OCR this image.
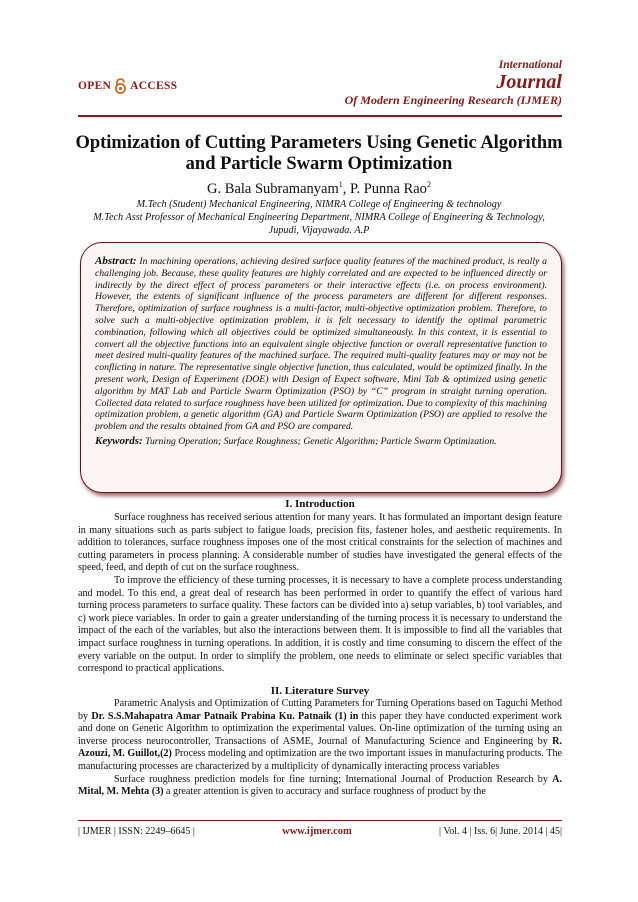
OPEN ACCESS
International
Journal
Of Modern Engineering Research (IJMER)
Optimization of Cutting Parameters Using Genetic Algorithm
and Particle Swarm Optimization
G. Bala Subramanyam$^1$, P. Punna Rao$^2$
M.Tech (Student) Mechanical Engineering, NIMRA College of Engineering & technology
M.Tech Asst Professor of Mechanical Engineering Department, NIMRA College of Engineering & Technology,
Jupudi, Vijayawada. A.P
Abstract: In machining operations, achieving desired surface quality features of the machined product, is really a challenging job. Because, these quality features are highly correlated and are expected to be influenced directly or indirectly by the direct effect of process parameters or their interactive effects (i.e. on process environment). However, the extents of significant influence of the process parameters are different for different responses. Therefore, optimization of surface roughness is a multi-factor, multi-objective optimization problem. Therefore, to solve such a multi-objective optimization problem, it is felt necessary to identify the optimal parametric combination, following which all objectives could be optimized simultaneously. In this context, it is essential to convert all the objective functions into an equivalent single objective function or overall representative function to meet desired multi-quality features of the machined surface. The required multi-quality features may or may not be conflicting in nature. The representative single objective function, thus calculated, would be optimized finally. In the present work, Design of Experiment (DOE) with Design of Expect software, Mini Tab & optimized using genetic algorithm by MAT Lab and Particle Swarm Optimization (PSO) by “C” program in straight turning operation. Collected data related to surface roughness have been utilized for optimization. Due to complexity of this machining optimization problem, a genetic algorithm (GA) and Particle Swarm Optimization (PSO) are applied to resolve the problem and the results obtained from GA and PSO are compared.
Keywords: Turning Operation; Surface Roughness; Genetic Algorithm; Particle Swarm Optimization.
I. Introduction

Surface roughness has received serious attention for many years. It has formulated an important design feature in many situations such as parts subject to fatigue loads, precision fits, fastener holes, and aesthetic requirements. In addition to tolerances, surface roughness imposes one of the most critical constraints for the selection of machines and cutting parameters in process planning. A considerable number of studies have investigated the general effects of the speed, feed, and depth of cut on the surface roughness.

To improve the efficiency of these turning processes, it is necessary to have a complete process understanding and model. To this end, a great deal of research has been performed in order to quantify the effect of various hard turning process parameters to surface quality. These factors can be divided into a) setup variables, b) tool variables, and c) work piece variables. In order to gain a greater understanding of the turning process it is necessary to understand the impact of the each of the variables, but also the interactions between them. It is impossible to find all the variables that impact surface roughness in turning operations. In addition, it is costly and time consuming to discern the effect of the every variable on the output. In order to simplify the problem, one needs to eliminate or select specific variables that correspond to practical applications.

II. Literature Survey

Parametric Analysis and Optimization of Cutting Parameters for Turning Operations based on Taguchi Method by Dr. S.S.Mahapatra Amar Patnaik Prabina Ku. Patnaik (1) in this paper they have conducted experiment work and done on Genetic Algorithm to optimization the experimental values. On-line optimization of the turning using an inverse process neurocontroller, Transactions of ASME, Journal of Manufacturing Science and Engineering by R. Azouzi, M. Guillot,(2) Process modeling and optimization are the two important issues in manufacturing products. The manufacturing processes are characterized by a multiplicity of dynamically interacting process variables

Surface roughness prediction models for fine turning; International Journal of Production Research by A. Mital, M. Mehta (3) a greater attention is given to accuracy and surface roughness of product by the

| IJMER | ISSN: 2249–6645 |	www.ijmer.com	| Vol. 4 | Iss. 6| June. 2014 | 45|
